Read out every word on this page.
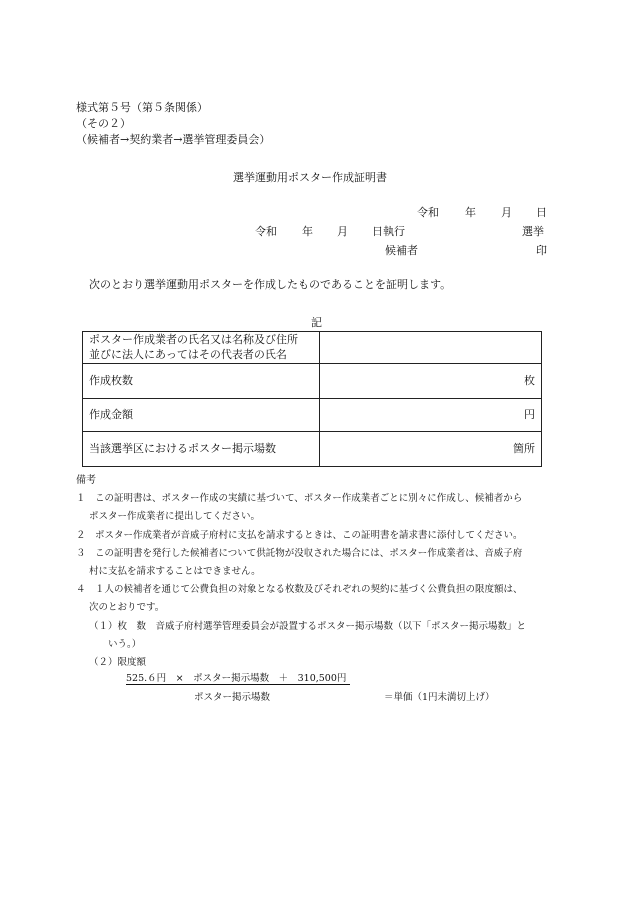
様式第５号（第５条関係）
（その２）
（候補者→契約業者→選挙管理委員会）
選挙運動用ポスター作成証明書
令和 年 月 日
令和 年 月 日執行	選挙
候補者	印
次のとおり選挙運動用ポスターを作成したものであることを証明します。
記
ポスター作成業者の氏名又は名称及び住所
並びに法人にあってはその代表者の氏名	

作成枚数	枚
作成金額	円
当該選挙区におけるポスター掲示場数	箇所
備考
１　この証明書は、ポスター作成の実績に基づいて、ポスター作成業者ごとに別々に作成し、候補者から
ポスター作成業者に提出してください。
２　ポスター作成業者が音威子府村に支払を請求するときは、この証明書を請求書に添付してください。
３　この証明書を発行した候補者について供託物が没収された場合には、ポスター作成業者は、音威子府
村に支払を請求することはできません。
４　１人の候補者を通じて公費負担の対象となる枚数及びそれぞれの契約に基づく公費負担の限度額は、
次のとおりです。
（１）枚　数　音威子府村選挙管理委員会が設置するポスター掲示場数（以下「ポスター掲示場数」と
いう。）
（２）限度額
525.６円　×　ポスター掲示場数　＋　310,500円
ポスター掲示場数	＝単価（1円未満切上げ）
